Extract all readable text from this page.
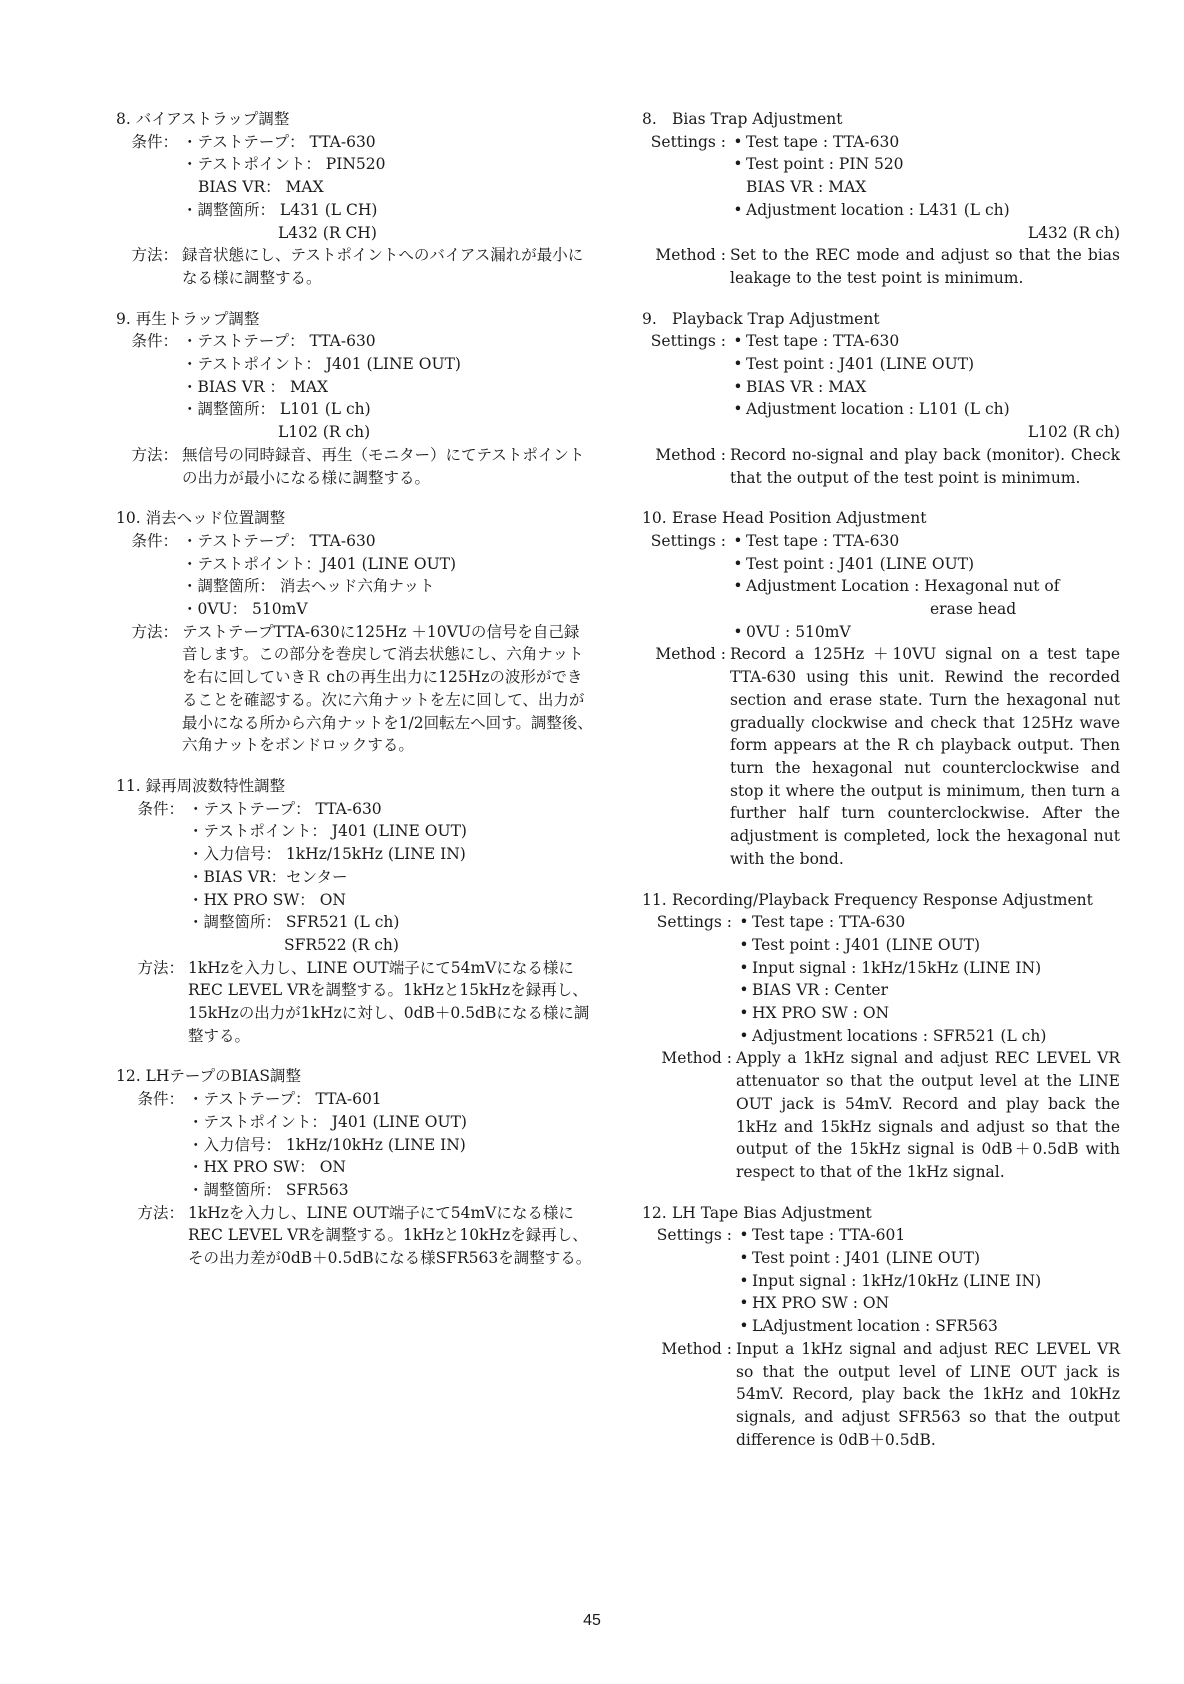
8. バイアストラップ調整
条件： ・テストテープ： TTA-630
・テストポイント： PIN520
BIAS VR： MAX
・調整箇所： L431 (L CH)
L432 (R CH)
方法： 録音状態にし、テストポイントへのバイアス漏れが最小になる様に調整する。
9. 再生トラップ調整
条件： ・テストテープ： TTA-630
・テストポイント： J401 (LINE OUT)
・BIAS VR ： MAX
・調整箇所： L101 (L ch)
L102 (R ch)
方法： 無信号の同時録音、再生（モニター）にてテストポイントの出力が最小になる様に調整する。
10. 消去ヘッド位置調整
条件： ・テストテープ： TTA-630
・テストポイント：J401 (LINE OUT)
・調整箇所： 消去ヘッド六角ナット
・0VU： 510mV
方法： テストテープTTA-630に125Hz ＋10VUの信号を自己録音します。この部分を巻戻して消去状態にし、六角ナットを右に回していきＲ chの再生出力に125Hzの波形ができることを確認する。次に六角ナットを左に回して、出力が最小になる所から六角ナットを1/2回転左へ回す。調整後、六角ナットをボンドロックする。
11. 録再周波数特性調整
条件： ・テストテープ： TTA-630
・テストポイント： J401 (LINE OUT)
・入力信号： 1kHz/15kHz (LINE IN)
・BIAS VR：センター
・HX PRO SW： ON
・調整箇所： SFR521 (L ch)
SFR522 (R ch)
方法： 1kHzを入力し、LINE OUT端子にて54mVになる様にREC LEVEL VRを調整する。1kHzと15kHzを録再し、15kHzの出力が1kHzに対し、0dB＋0.5dBになる様に調整する。
12. LHテープのBIAS調整
条件： ・テストテープ： TTA-601
・テストポイント： J401 (LINE OUT)
・入力信号： 1kHz/10kHz (LINE IN)
・HX PRO SW： ON
・調整箇所： SFR563
方法： 1kHzを入力し、LINE OUT端子にて54mVになる様にREC LEVEL VRを調整する。1kHzと10kHzを録再し、その出力差が0dB＋0.5dBになる様SFR563を調整する。
8. Bias Trap Adjustment
Settings : • Test tape : TTA-630
• Test point : PIN 520
BIAS VR : MAX
• Adjustment location : L431 (L ch)
L432 (R ch)
Method : Set to the REC mode and adjust so that the bias leakage to the test point is minimum.
9. Playback Trap Adjustment
Settings : • Test tape : TTA-630
• Test point : J401 (LINE OUT)
• BIAS VR : MAX
• Adjustment location : L101 (L ch)
L102 (R ch)
Method : Record no-signal and play back (monitor). Check that the output of the test point is minimum.
10. Erase Head Position Adjustment
Settings : • Test tape : TTA-630
• Test point : J401 (LINE OUT)
• Adjustment Location : Hexagonal nut of
erase head
• 0VU : 510mV
Method : Record a 125Hz ＋10VU signal on a test tape TTA-630 using this unit. Rewind the recorded section and erase state. Turn the hexagonal nut gradually clockwise and check that 125Hz wave form appears at the R ch playback output. Then turn the hexagonal nut counterclockwise and stop it where the output is minimum, then turn a further half turn counterclockwise. After the adjustment is completed, lock the hexagonal nut with the bond.
11. Recording/Playback Frequency Response Adjustment
Settings : • Test tape : TTA-630
• Test point : J401 (LINE OUT)
• Input signal : 1kHz/15kHz (LINE IN)
• BIAS VR : Center
• HX PRO SW : ON
• Adjustment locations : SFR521 (L ch)
Method : Apply a 1kHz signal and adjust REC LEVEL VR attenuator so that the output level at the LINE OUT jack is 54mV. Record and play back the 1kHz and 15kHz signals and adjust so that the output of the 15kHz signal is 0dB＋0.5dB with respect to that of the 1kHz signal.
12. LH Tape Bias Adjustment
Settings : • Test tape : TTA-601
• Test point : J401 (LINE OUT)
• Input signal : 1kHz/10kHz (LINE IN)
• HX PRO SW : ON
• LAdjustment location : SFR563
Method : Input a 1kHz signal and adjust REC LEVEL VR so that the output level of LINE OUT jack is 54mV. Record, play back the 1kHz and 10kHz signals, and adjust SFR563 so that the output difference is 0dB＋0.5dB.
45
